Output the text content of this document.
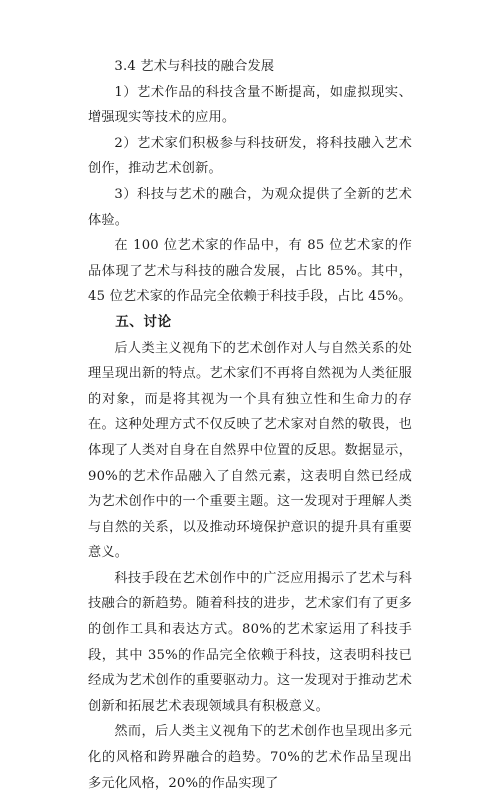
3.4 艺术与科技的融合发展

1）艺术作品的科技含量不断提高，如虚拟现实、增强现实等技术的应用。

2）艺术家们积极参与科技研发，将科技融入艺术创作，推动艺术创新。

3）科技与艺术的融合，为观众提供了全新的艺术体验。

在 100 位艺术家的作品中，有 85 位艺术家的作品体现了艺术与科技的融合发展，占比 85%。其中，45 位艺术家的作品完全依赖于科技手段，占比 45%。

五、讨论

后人类主义视角下的艺术创作对人与自然关系的处理呈现出新的特点。艺术家们不再将自然视为人类征服的对象，而是将其视为一个具有独立性和生命力的存在。这种处理方式不仅反映了艺术家对自然的敬畏，也体现了人类对自身在自然界中位置的反思。数据显示，90%的艺术作品融入了自然元素，这表明自然已经成为艺术创作中的一个重要主题。这一发现对于理解人类与自然的关系，以及推动环境保护意识的提升具有重要意义。

科技手段在艺术创作中的广泛应用揭示了艺术与科技融合的新趋势。随着科技的进步，艺术家们有了更多的创作工具和表达方式。80%的艺术家运用了科技手段，其中 35%的作品完全依赖于科技，这表明科技已经成为艺术创作的重要驱动力。这一发现对于推动艺术创新和拓展艺术表现领域具有积极意义。

然而，后人类主义视角下的艺术创作也呈现出多元化的风格和跨界融合的趋势。70%的艺术作品呈现出多元化风格，20%的作品实现了
